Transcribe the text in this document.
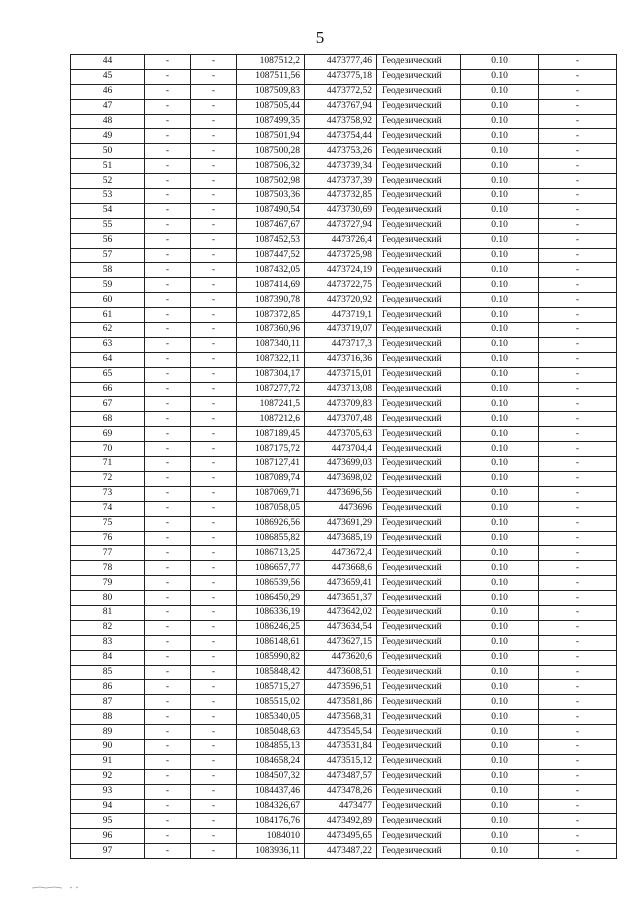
5
44	-	-	1087512,2	4473777,46	Геодезический	0.10	-
45	-	-	1087511,56	4473775,18	Геодезический	0.10	-
46	-	-	1087509,83	4473772,52	Геодезический	0.10	-
47	-	-	1087505,44	4473767,94	Геодезический	0.10	-
48	-	-	1087499,35	4473758,92	Геодезический	0.10	-
49	-	-	1087501,94	4473754,44	Геодезический	0.10	-
50	-	-	1087500,28	4473753,26	Геодезический	0.10	-
51	-	-	1087506,32	4473739,34	Геодезический	0.10	-
52	-	-	1087502,98	4473737,39	Геодезический	0.10	-
53	-	-	1087503,36	4473732,85	Геодезический	0.10	-
54	-	-	1087490,54	4473730,69	Геодезический	0.10	-
55	-	-	1087467,67	4473727,94	Геодезический	0.10	-
56	-	-	1087452,53	4473726,4	Геодезический	0.10	-
57	-	-	1087447,52	4473725,98	Геодезический	0.10	-
58	-	-	1087432,05	4473724,19	Геодезический	0.10	-
59	-	-	1087414,69	4473722,75	Геодезический	0.10	-
60	-	-	1087390,78	4473720,92	Геодезический	0.10	-
61	-	-	1087372,85	4473719,1	Геодезический	0.10	-
62	-	-	1087360,96	4473719,07	Геодезический	0.10	-
63	-	-	1087340,11	4473717,3	Геодезический	0.10	-
64	-	-	1087322,11	4473716,36	Геодезический	0.10	-
65	-	-	1087304,17	4473715,01	Геодезический	0.10	-
66	-	-	1087277,72	4473713,08	Геодезический	0.10	-
67	-	-	1087241,5	4473709,83	Геодезический	0.10	-
68	-	-	1087212,6	4473707,48	Геодезический	0.10	-
69	-	-	1087189,45	4473705,63	Геодезический	0.10	-
70	-	-	1087175,72	4473704,4	Геодезический	0.10	-
71	-	-	1087127,41	4473699,03	Геодезический	0.10	-
72	-	-	1087089,74	4473698,02	Геодезический	0.10	-
73	-	-	1087069,71	4473696,56	Геодезический	0.10	-
74	-	-	1087058,05	4473696	Геодезический	0.10	-
75	-	-	1086926,56	4473691,29	Геодезический	0.10	-
76	-	-	1086855,82	4473685,19	Геодезический	0.10	-
77	-	-	1086713,25	4473672,4	Геодезический	0.10	-
78	-	-	1086657,77	4473668,6	Геодезический	0.10	-
79	-	-	1086539,56	4473659,41	Геодезический	0.10	-
80	-	-	1086450,29	4473651,37	Геодезический	0.10	-
81	-	-	1086336,19	4473642,02	Геодезический	0.10	-
82	-	-	1086246,25	4473634,54	Геодезический	0.10	-
83	-	-	1086148,61	4473627,15	Геодезический	0.10	-
84	-	-	1085990,82	4473620,6	Геодезический	0.10	-
85	-	-	1085848,42	4473608,51	Геодезический	0.10	-
86	-	-	1085715,27	4473596,51	Геодезический	0.10	-
87	-	-	1085515,02	4473581,86	Геодезический	0.10	-
88	-	-	1085340,05	4473568,31	Геодезический	0.10	-
89	-	-	1085048,63	4473545,54	Геодезический	0.10	-
90	-	-	1084855,13	4473531,84	Геодезический	0.10	-
91	-	-	1084658,24	4473515,12	Геодезический	0.10	-
92	-	-	1084507,32	4473487,57	Геодезический	0.10	-
93	-	-	1084437,46	4473478,26	Геодезический	0.10	-
94	-	-	1084326,67	4473477	Геодезический	0.10	-
95	-	-	1084176,76	4473492,89	Геодезический	0.10	-
96	-	-	1084010	4473495,65	Геодезический	0.10	-
97	-	-	1083936,11	4473487,22	Геодезический	0.10	-
